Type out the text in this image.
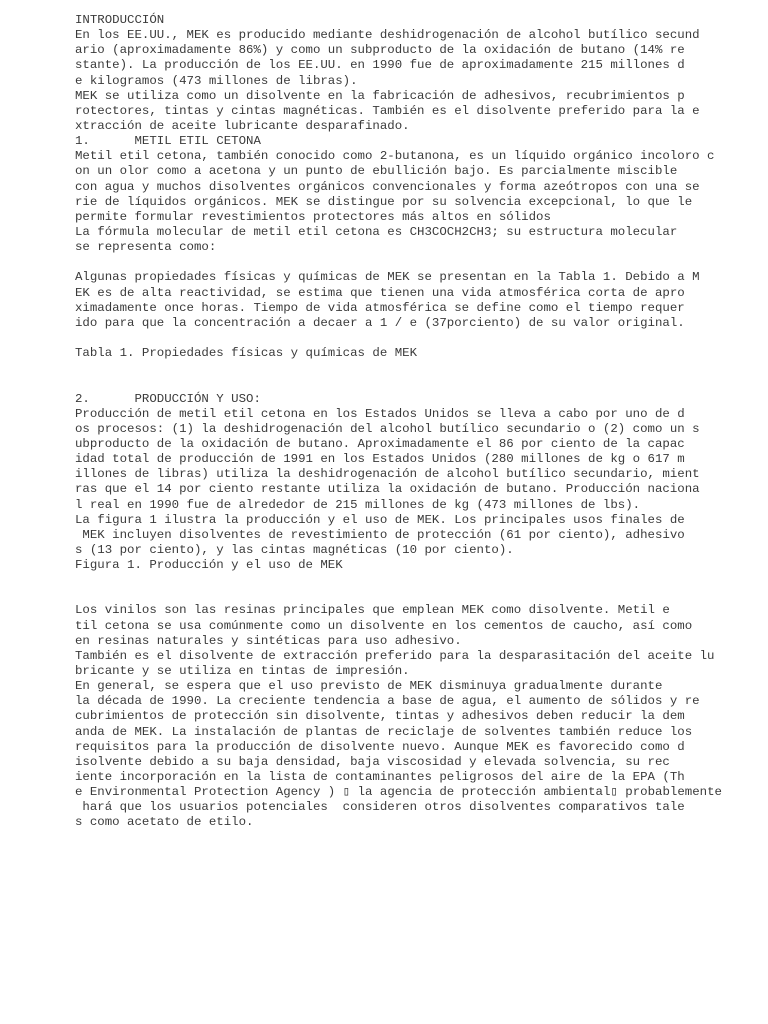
INTRODUCCIÓN
En los EE.UU., MEK es producido mediante deshidrogenación de alcohol butílico secund
ario (aproximadamente 86%) y como un subproducto de la oxidación de butano (14% re
stante). La producción de los EE.UU. en 1990 fue de aproximadamente 215 millones d
e kilogramos (473 millones de libras).
MEK se utiliza como un disolvente en la fabricación de adhesivos, recubrimientos p
rotectores, tintas y cintas magnéticas. También es el disolvente preferido para la e
xtracción de aceite lubricante desparafinado.
1.      METIL ETIL CETONA
Metil etil cetona, también conocido como 2-butanona, es un líquido orgánico incoloro c
on un olor como a acetona y un punto de ebullición bajo. Es parcialmente miscible
con agua y muchos disolventes orgánicos convencionales y forma azeótropos con una se
rie de líquidos orgánicos. MEK se distingue por su solvencia excepcional, lo que le
permite formular revestimientos protectores más altos en sólidos
La fórmula molecular de metil etil cetona es CH3COCH2CH3; su estructura molecular
se representa como:
Algunas propiedades físicas y químicas de MEK se presentan en la Tabla 1. Debido a M
EK es de alta reactividad, se estima que tienen una vida atmosférica corta de apro
ximadamente once horas. Tiempo de vida atmosférica se define como el tiempo requer
ido para que la concentración a decaer a 1 / e (37porciento) de su valor original.
Tabla 1. Propiedades físicas y químicas de MEK
2.      PRODUCCIÓN Y USO:
Producción de metil etil cetona en los Estados Unidos se lleva a cabo por uno de d
os procesos: (1) la deshidrogenación del alcohol butílico secundario o (2) como un s
ubproducto de la oxidación de butano. Aproximadamente el 86 por ciento de la capac
idad total de producción de 1991 en los Estados Unidos (280 millones de kg o 617 m
illones de libras) utiliza la deshidrogenación de alcohol butílico secundario, mient
ras que el 14 por ciento restante utiliza la oxidación de butano. Producción naciona
l real en 1990 fue de alrededor de 215 millones de kg (473 millones de lbs).
La figura 1 ilustra la producción y el uso de MEK. Los principales usos finales de
MEK incluyen disolventes de revestimiento de protección (61 por ciento), adhesivo
s (13 por ciento), y las cintas magnéticas (10 por ciento).
Figura 1. Producción y el uso de MEK
Los vinilos son las resinas principales que emplean MEK como disolvente. Metil e
til cetona se usa comúnmente como un disolvente en los cementos de caucho, así como
en resinas naturales y sintéticas para uso adhesivo.
También es el disolvente de extracción preferido para la desparasitación del aceite lu
bricante y se utiliza en tintas de impresión.
En general, se espera que el uso previsto de MEK disminuya gradualmente durante
la década de 1990. La creciente tendencia a base de agua, el aumento de sólidos y re
cubrimientos de protección sin disolvente, tintas y adhesivos deben reducir la dem
anda de MEK. La instalación de plantas de reciclaje de solventes también reduce los
requisitos para la producción de disolvente nuevo. Aunque MEK es favorecido como d
isolvente debido a su baja densidad, baja viscosidad y elevada solvencia, su rec
iente incorporación en la lista de contaminantes peligrosos del aire de la EPA (Th
e Environmental Protection Agency ) ▯ la agencia de protección ambiental▯ probablemente
hará que los usuarios potenciales  consideren otros disolventes comparativos tale
s como acetato de etilo.
